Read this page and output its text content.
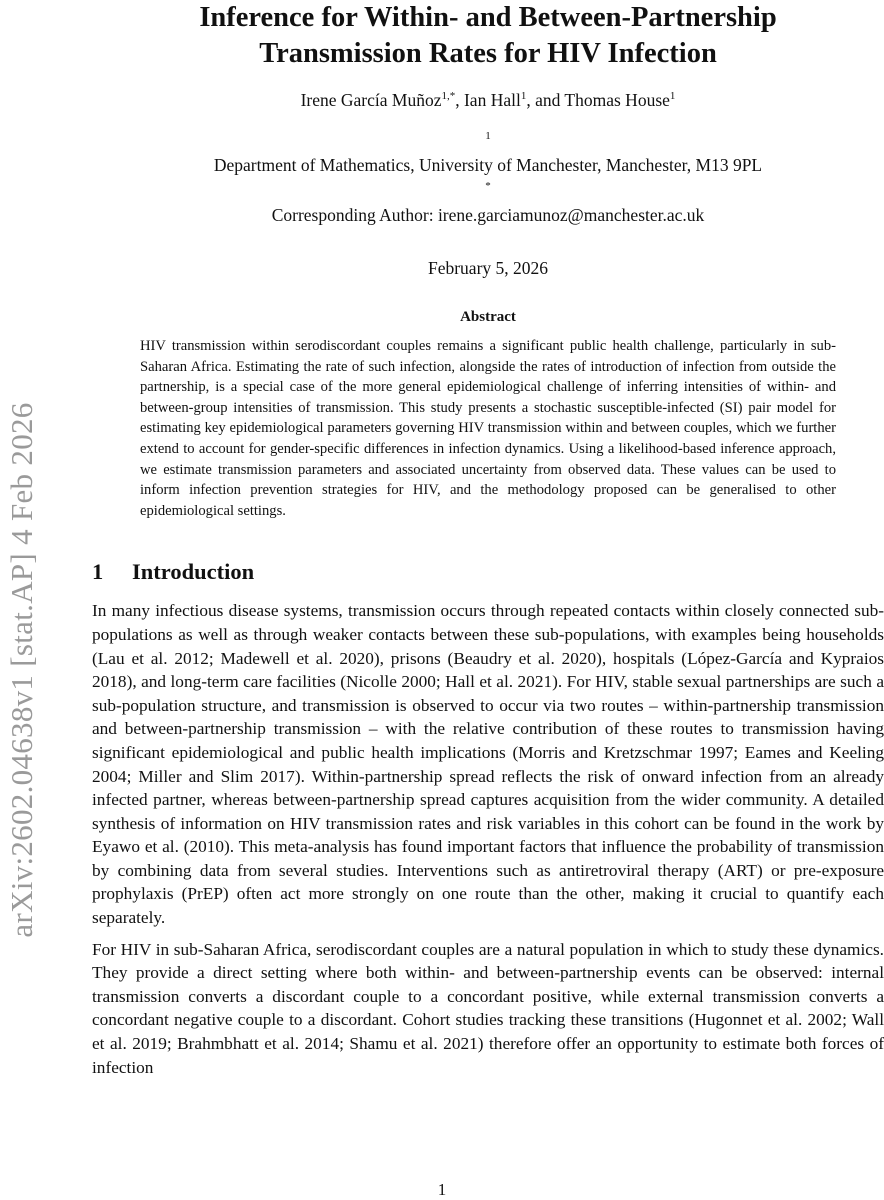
arXiv:2602.04638v1 [stat.AP] 4 Feb 2026
Inference for Within- and Between-Partnership
Transmission Rates for HIV Infection
Irene García Muñoz$^{1,*}$, Ian Hall$^1$, and Thomas House$^1$
$^1$
Department of Mathematics, University of Manchester, Manchester, M13 9PL
*
Corresponding Author: irene.garciamunoz@manchester.ac.uk
February 5, 2026
Abstract
HIV transmission within serodiscordant couples remains a significant public health challenge, particularly in sub-Saharan Africa. Estimating the rate of such infection, alongside the rates of introduction of infection from outside the partnership, is a special case of the more general epidemiological challenge of inferring intensities of within- and between-group intensities of transmission. This study presents a stochastic susceptible-infected (SI) pair model for estimating key epidemiological parameters governing HIV transmission within and between couples, which we further extend to account for gender-specific differences in infection dynamics. Using a likelihood-based inference approach, we estimate transmission parameters and associated uncertainty from observed data. These values can be used to inform infection prevention strategies for HIV, and the methodology proposed can be generalised to other epidemiological settings.
1 Introduction
In many infectious disease systems, transmission occurs through repeated contacts within closely connected sub-populations as well as through weaker contacts between these sub-populations, with examples being households (Lau et al. 2012; Madewell et al. 2020), prisons (Beaudry et al. 2020), hospitals (López-García and Kypraios 2018), and long-term care facilities (Nicolle 2000; Hall et al. 2021). For HIV, stable sexual partnerships are such a sub-population structure, and transmission is observed to occur via two routes – within-partnership transmission and between-partnership transmission – with the relative contribution of these routes to transmission having significant epidemiological and public health implications (Morris and Kretzschmar 1997; Eames and Keeling 2004; Miller and Slim 2017). Within-partnership spread reflects the risk of onward infection from an already infected partner, whereas between-partnership spread captures acquisition from the wider community. A detailed synthesis of information on HIV transmission rates and risk variables in this cohort can be found in the work by Eyawo et al. (2010). This meta-analysis has found important factors that influence the probability of transmission by combining data from several studies. Interventions such as antiretroviral therapy (ART) or pre-exposure prophylaxis (PrEP) often act more strongly on one route than the other, making it crucial to quantify each separately.
For HIV in sub-Saharan Africa, serodiscordant couples are a natural population in which to study these dynamics. They provide a direct setting where both within- and between-partnership events can be observed: internal transmission converts a discordant couple to a concordant positive, while external transmission converts a concordant negative couple to a discordant. Cohort studies tracking these transitions (Hugonnet et al. 2002; Wall et al. 2019; Brahmbhatt et al. 2014; Shamu et al. 2021) therefore offer an opportunity to estimate both forces of infection
1
